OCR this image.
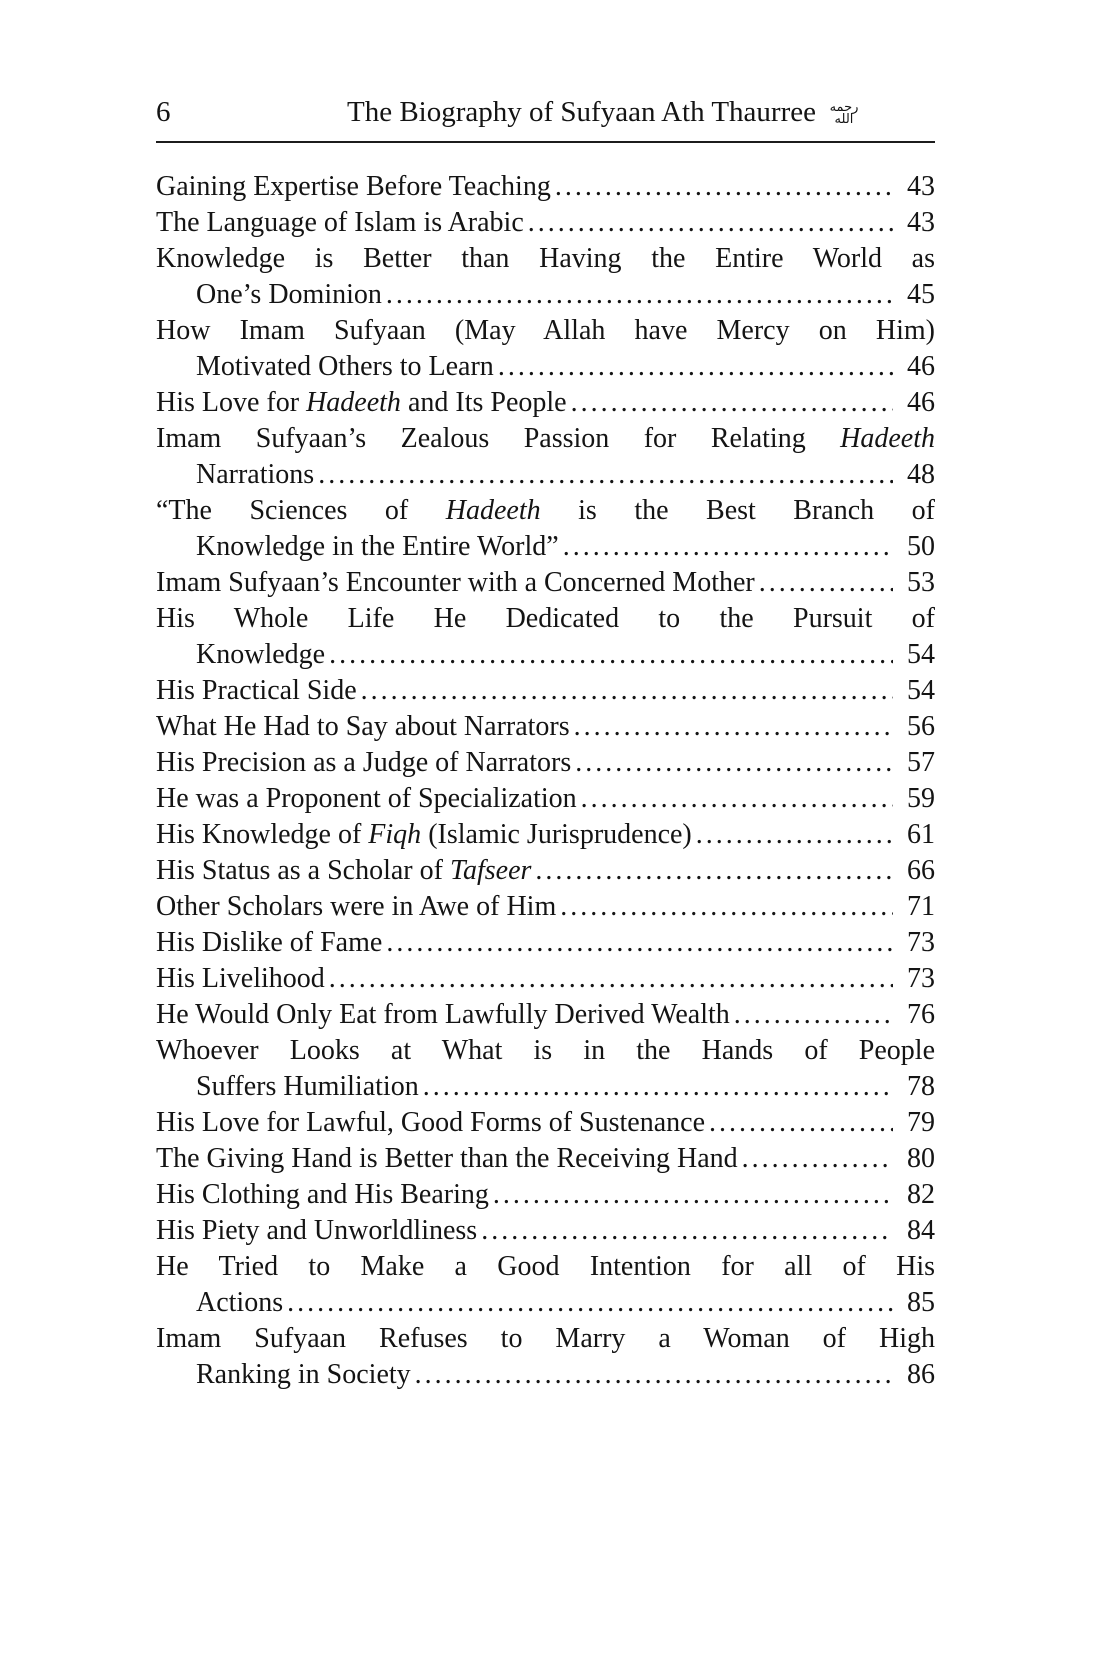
6	The Biography of Sufyaan Ath Thaurree رحمه الله
Gaining Expertise Before Teaching .....	43
The Language of Islam is Arabic .....	43
Knowledge is Better than Having the Entire World as
One’s Dominion .....	45
How Imam Sufyaan (May Allah have Mercy on Him)
Motivated Others to Learn .....	46
His Love for Hadeeth and Its People .....	46
Imam Sufyaan’s Zealous Passion for Relating Hadeeth
Narrations .....	48
“The Sciences of Hadeeth is the Best Branch of
Knowledge in the Entire World” .....	50
Imam Sufyaan’s Encounter with a Concerned Mother .....	53
His Whole Life He Dedicated to the Pursuit of
Knowledge .....	54
His Practical Side .....	54
What He Had to Say about Narrators .....	56
His Precision as a Judge of Narrators .....	57
He was a Proponent of Specialization .....	59
His Knowledge of Fiqh (Islamic Jurisprudence) .....	61
His Status as a Scholar of Tafseer .....	66
Other Scholars were in Awe of Him .....	71
His Dislike of Fame .....	73
His Livelihood .....	73
He Would Only Eat from Lawfully Derived Wealth .....	76
Whoever Looks at What is in the Hands of People
Suffers Humiliation .....	78
His Love for Lawful, Good Forms of Sustenance .....	79
The Giving Hand is Better than the Receiving Hand .....	80
His Clothing and His Bearing .....	82
His Piety and Unworldliness .....	84
He Tried to Make a Good Intention for all of His
Actions .....	85
Imam Sufyaan Refuses to Marry a Woman of High
Ranking in Society .....	86
